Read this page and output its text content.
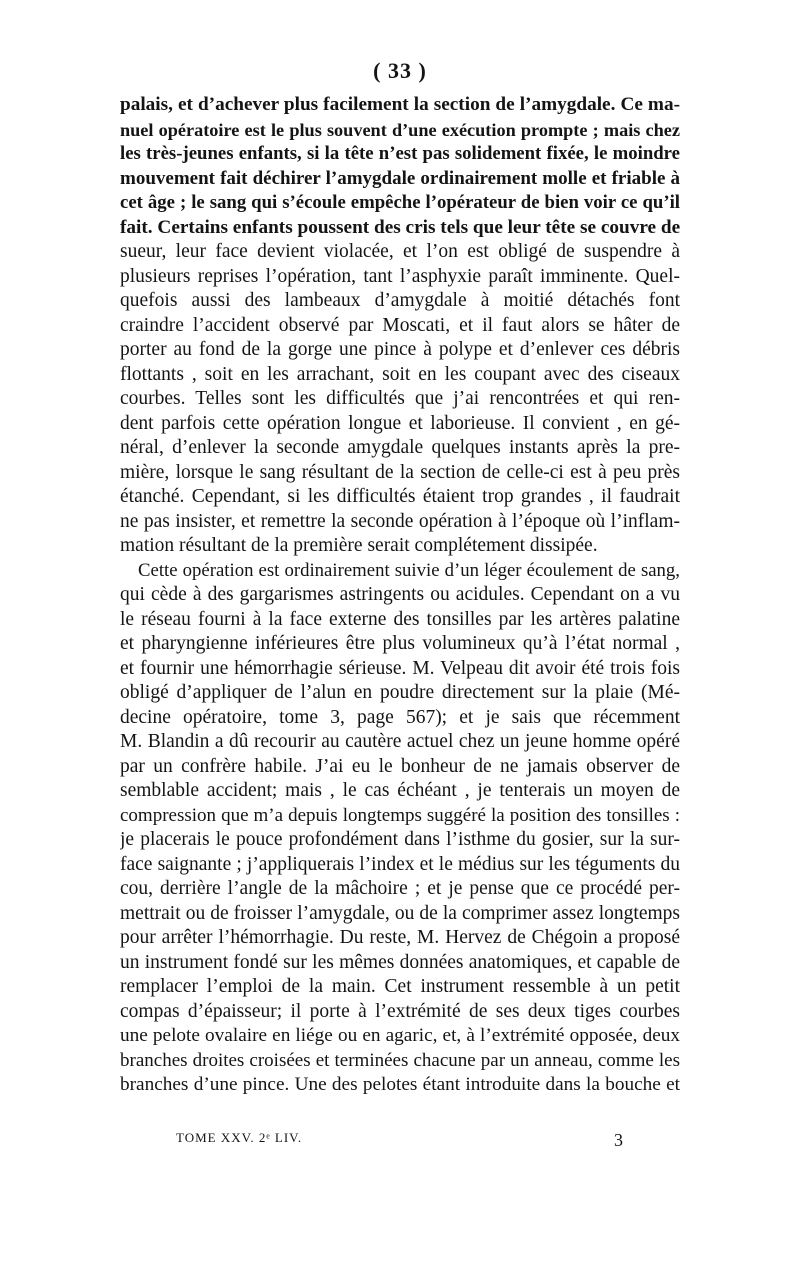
( 33 )
palais, et d’achever plus facilement la section de l’amygdale. Ce ma-
nuel opératoire est le plus souvent d’une exécution prompte ; mais chez
les très-jeunes enfants, si la tête n’est pas solidement fixée, le moindre
mouvement fait déchirer l’amygdale ordinairement molle et friable à
cet âge ; le sang qui s’écoule empêche l’opérateur de bien voir ce qu’il
fait. Certains enfants poussent des cris tels que leur tête se couvre de
sueur, leur face devient violacée, et l’on est obligé de suspendre à
plusieurs reprises l’opération, tant l’asphyxie paraît imminente. Quel-
quefois aussi des lambeaux d’amygdale à moitié détachés font
craindre l’accident observé par Moscati, et il faut alors se hâter de
porter au fond de la gorge une pince à polype et d’enlever ces débris
flottants , soit en les arrachant, soit en les coupant avec des ciseaux
courbes. Telles sont les difficultés que j’ai rencontrées et qui ren-
dent parfois cette opération longue et laborieuse. Il convient , en gé-
néral, d’enlever la seconde amygdale quelques instants après la pre-
mière, lorsque le sang résultant de la section de celle-ci est à peu près
étanché. Cependant, si les difficultés étaient trop grandes , il faudrait
ne pas insister, et remettre la seconde opération à l’époque où l’inflam-
mation résultant de la première serait complétement dissipée.
Cette opération est ordinairement suivie d’un léger écoulement de sang,
qui cède à des gargarismes astringents ou acidules. Cependant on a vu
le réseau fourni à la face externe des tonsilles par les artères palatine
et pharyngienne inférieures être plus volumineux qu’à l’état normal ,
et fournir une hémorrhagie sérieuse. M. Velpeau dit avoir été trois fois
obligé d’appliquer de l’alun en poudre directement sur la plaie (Mé-
decine opératoire, tome 3, page 567); et je sais que récemment
M. Blandin a dû recourir au cautère actuel chez un jeune homme opéré
par un confrère habile. J’ai eu le bonheur de ne jamais observer de
semblable accident; mais , le cas échéant , je tenterais un moyen de
compression que m’a depuis longtemps suggéré la position des tonsilles :
je placerais le pouce profondément dans l’isthme du gosier, sur la sur-
face saignante ; j’appliquerais l’index et le médius sur les téguments du
cou, derrière l’angle de la mâchoire ; et je pense que ce procédé per-
mettrait ou de froisser l’amygdale, ou de la comprimer assez longtemps
pour arrêter l’hémorrhagie. Du reste, M. Hervez de Chégoin a proposé
un instrument fondé sur les mêmes données anatomiques, et capable de
remplacer l’emploi de la main. Cet instrument ressemble à un petit
compas d’épaisseur; il porte à l’extrémité de ses deux tiges courbes
une pelote ovalaire en liége ou en agaric, et, à l’extrémité opposée, deux
branches droites croisées et terminées chacune par un anneau, comme les
branches d’une pince. Une des pelotes étant introduite dans la bouche et
TOME XXV. 2ᵉ LIV.	3
